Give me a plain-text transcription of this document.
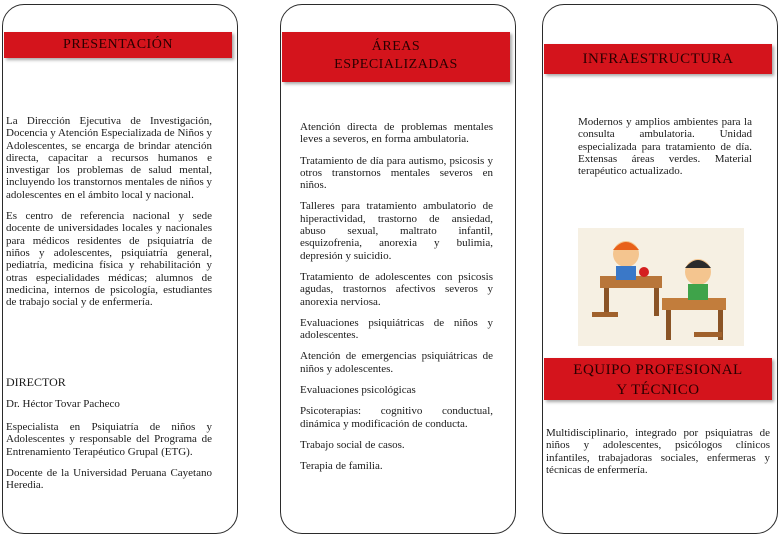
PRESENTACIÓN

La Dirección Ejecutiva de Investigación, Docencia y Atención Especializada de Niños y Adolescentes, se encarga de brindar atención directa, capacitar a recursos humanos e investigar los problemas de salud mental, incluyendo los transtornos mentales de niños y adolescentes en el ámbito local y nacional.

Es centro de referencia nacional y sede docente de universidades locales y nacionales para médicos residentes de psiquiatría de niños y adolescentes, psiquiatría general, pediatría, medicina física y rehabilitación y otras especialidades médicas; alumnos de medicina, internos de psicología, estudiantes de trabajo social y de enfermería.

DIRECTOR
Dr. Héctor Tovar Pacheco

Especialista en Psiquiatría de niños y Adolescentes y responsable del Programa de Entrenamiento Terapéutico Grupal (ETG).

Docente de la Universidad Peruana Cayetano Heredia.

ÁREAS
ESPECIALIZADAS

Atención directa de problemas mentales leves a severos, en forma ambulatoria.

Tratamiento de día para autismo, psicosis y otros transtornos mentales severos en niños.

Talleres para tratamiento ambulatorio de hiperactividad, trastorno de ansiedad, abuso sexual, maltrato infantil, esquizofrenia, anorexia y bulimia, depresión y suicidio.

Tratamiento de adolescentes con psicosis agudas, trastornos afectivos severos y anorexia nerviosa.

Evaluaciones psiquiátricas de niños y adolescentes.

Atención de emergencias psiquiátricas de niños y adolescentes.

Evaluaciones psicológicas

Psicoterapias: cognitivo conductual, dinámica y modificación de conducta.

Trabajo social de casos.

Terapia de familia.

INFRAESTRUCTURA
Modernos y amplios ambientes para la consulta ambulatoria. Unidad especializada para tratamiento de día. Extensas áreas verdes. Material terapéutico actualizado.
EQUIPO PROFESIONAL
Y TÉCNICO
Multidisciplinario, integrado por psiquiatras de niños y adolescentes, psicólogos clínicos infantiles, trabajadoras sociales, enfermeras y técnicas de enfermería.
